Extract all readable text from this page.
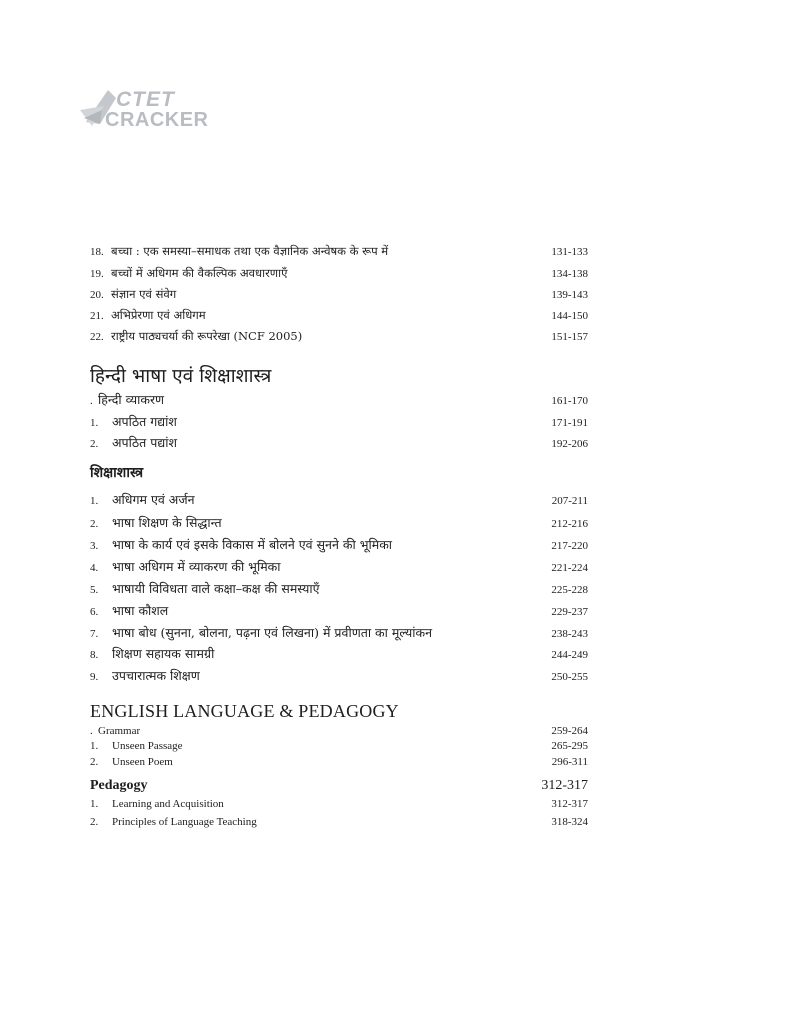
CTET
CRACKER
18. बच्चा : एक समस्या–समाधक तथा एक वैज्ञानिक अन्वेषक के रूप में	131-133
19. बच्चों में अधिगम की वैकल्पिक अवधारणाएँ	134-138
20. संज्ञान एवं संवेग	139-143
21. अभिप्रेरणा एवं अधिगम	144-150
22. राष्ट्रीय पाठ्यचर्या की रूपरेखा (NCF 2005)	151-157
हिन्दी भाषा एवं शिक्षाशास्त्र
. हिन्दी व्याकरण	161-170
1.	अपठित गद्यांश	171-191
2.	अपठित पद्यांश	192-206
शिक्षाशास्त्र
1.	अधिगम एवं अर्जन	207-211
2.	भाषा शिक्षण के सिद्धान्त	212-216
3.	भाषा के कार्य एवं इसके विकास में बोलने एवं सुनने की भूमिका	217-220
4.	भाषा अधिगम में व्याकरण की भूमिका	221-224
5.	भाषायी विविधता वाले कक्षा–कक्ष की समस्याएँ	225-228
6.	भाषा कौशल	229-237
7.	भाषा बोध (सुनना, बोलना, पढ़ना एवं लिखना) में प्रवीणता का मूल्यांकन	238-243
8.	शिक्षण सहायक सामग्री	244-249
9.	उपचारात्मक शिक्षण	250-255
ENGLISH LANGUAGE & PEDAGOGY
. Grammar	259-264
1.	Unseen Passage	265-295
2.	Unseen Poem	296-311
Pedagogy	312-317
1.	Learning and Acquisition	312-317
2.	Principles of Language Teaching	318-324
